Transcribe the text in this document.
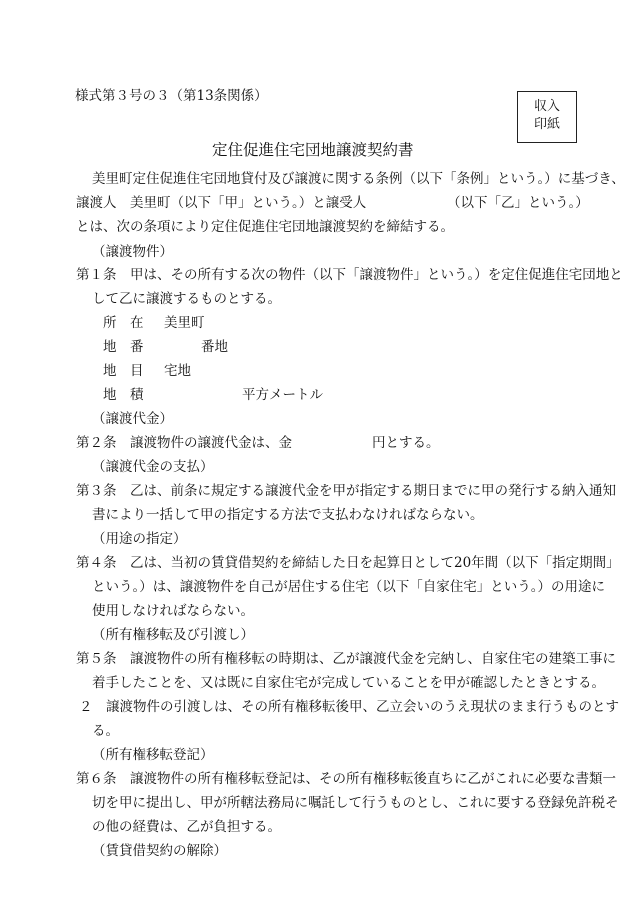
様式第３号の３（第13条関係）
収入
印紙
定住促進住宅団地譲渡契約書
美里町定住促進住宅団地貸付及び譲渡に関する条例（以下「条例」という。）に基づき、
譲渡人　美里町（以下「甲」という。）と譲受人	（以下「乙」という。）
とは、次の条項により定住促進住宅団地譲渡契約を締結する。
（譲渡物件）
第１条　甲は、その所有する次の物件（以下「譲渡物件」という。）を定住促進住宅団地と
して乙に譲渡するものとする。
所　在 美里町
地　番	番地
地　目 宅地
地　積	平方メートル
（譲渡代金）
第２条　譲渡物件の譲渡代金は、金	円とする。
（譲渡代金の支払）
第３条　乙は、前条に規定する譲渡代金を甲が指定する期日までに甲の発行する納入通知
書により一括して甲の指定する方法で支払わなければならない。
（用途の指定）
第４条　乙は、当初の賃貸借契約を締結した日を起算日として20年間（以下「指定期間」
という。）は、譲渡物件を自己が居住する住宅（以下「自家住宅」という。）の用途に
使用しなければならない。
（所有権移転及び引渡し）
第５条　譲渡物件の所有権移転の時期は、乙が譲渡代金を完納し、自家住宅の建築工事に
着手したことを、又は既に自家住宅が完成していることを甲が確認したときとする。
２　譲渡物件の引渡しは、その所有権移転後甲、乙立会いのうえ現状のまま行うものとす
る。
（所有権移転登記）
第６条　譲渡物件の所有権移転登記は、その所有権移転後直ちに乙がこれに必要な書類一
切を甲に提出し、甲が所轄法務局に嘱託して行うものとし、これに要する登録免許税そ
の他の経費は、乙が負担する。
（賃貸借契約の解除）
